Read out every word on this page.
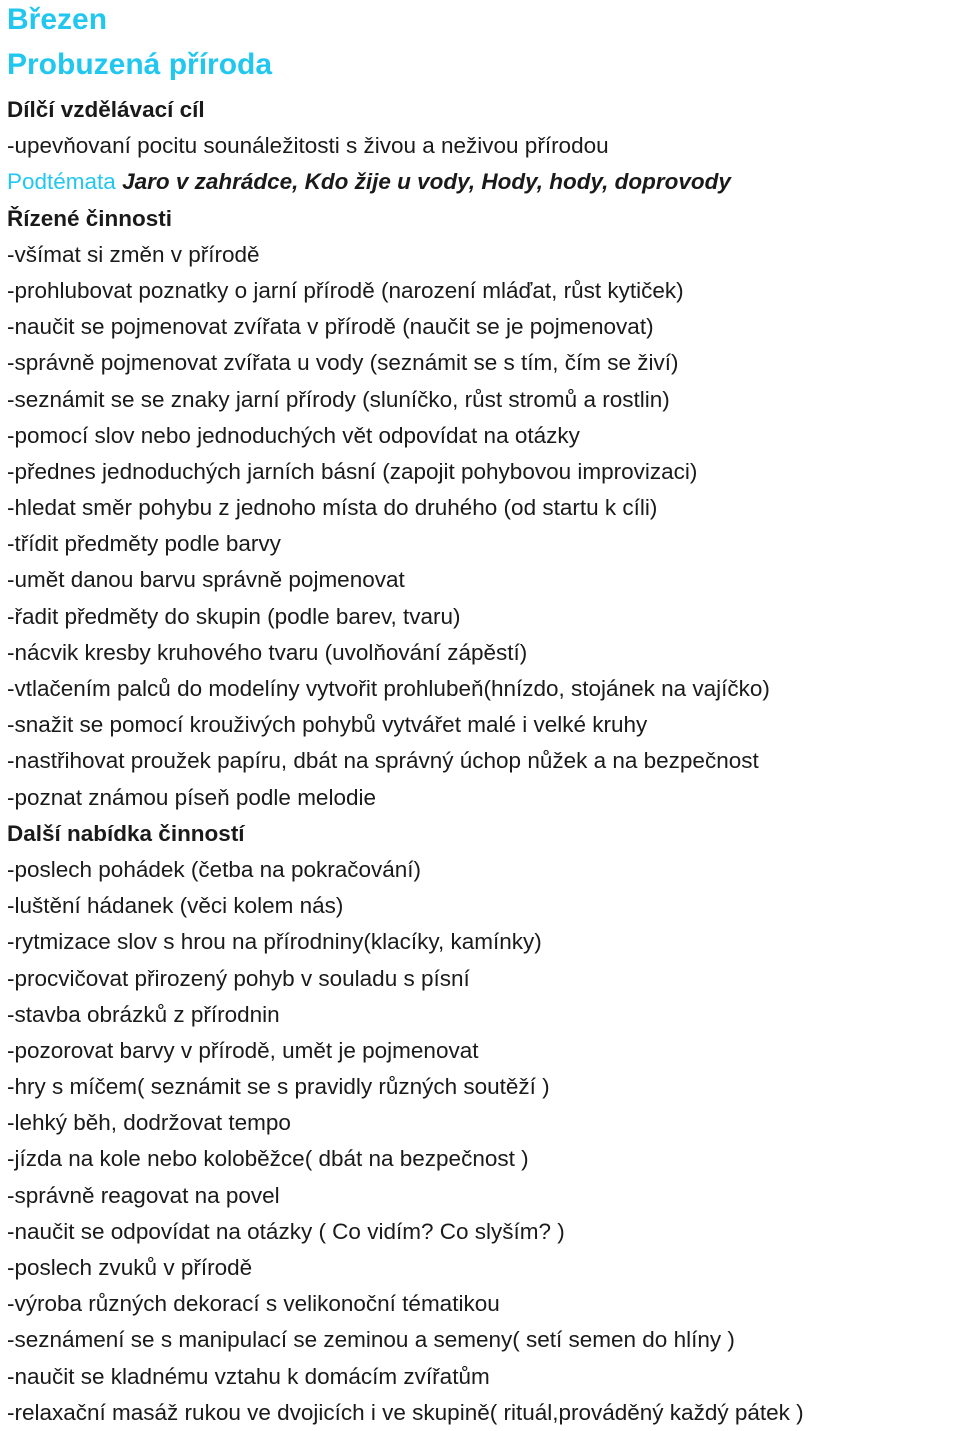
Březen
Probuzená příroda
Dílčí vzdělávací cíl
-upevňovaní pocitu sounáležitosti s živou a neživou přírodou
Podtémata Jaro v zahrádce, Kdo žije u vody, Hody, hody, doprovody
Řízené činnosti
-všímat si změn v přírodě
-prohlubovat poznatky o jarní přírodě (narození mláďat, růst kytiček)
-naučit se pojmenovat zvířata v přírodě (naučit se je pojmenovat)
-správně pojmenovat zvířata u vody (seznámit se s tím, čím se živí)
-seznámit se se znaky jarní přírody (sluníčko, růst stromů a rostlin)
-pomocí slov nebo jednoduchých vět odpovídat na otázky
-přednes jednoduchých jarních básní (zapojit pohybovou improvizaci)
-hledat směr pohybu z jednoho místa do druhého (od startu k cíli)
-třídit předměty podle barvy
-umět danou barvu správně pojmenovat
-řadit předměty do skupin (podle barev, tvaru)
-nácvik kresby kruhového tvaru (uvolňování zápěstí)
-vtlačením palců do modelíny vytvořit prohlubeň(hnízdo, stojánek na vajíčko)
-snažit se pomocí krouživých pohybů vytvářet malé i velké kruhy
-nastřihovat proužek papíru, dbát na správný úchop nůžek a na bezpečnost
-poznat známou píseň podle melodie
Další nabídka činností
-poslech pohádek (četba na pokračování)
-luštění hádanek (věci kolem nás)
-rytmizace slov s hrou na přírodniny(klacíky, kamínky)
-procvičovat přirozený pohyb v souladu s písní
-stavba obrázků z přírodnin
-pozorovat barvy v přírodě, umět je pojmenovat
-hry s míčem( seznámit se s pravidly různých soutěží )
-lehký běh, dodržovat tempo
-jízda na kole nebo koloběžce( dbát na bezpečnost )
-správně reagovat na povel
-naučit se odpovídat na otázky ( Co vidím? Co slyším? )
-poslech zvuků v přírodě
-výroba různých dekorací s velikonoční tématikou
-seznámení se s manipulací se zeminou a semeny( setí semen do hlíny )
-naučit se kladnému vztahu k domácím zvířatům
-relaxační masáž rukou ve dvojicích i ve skupině( rituál,prováděný každý pátek )
